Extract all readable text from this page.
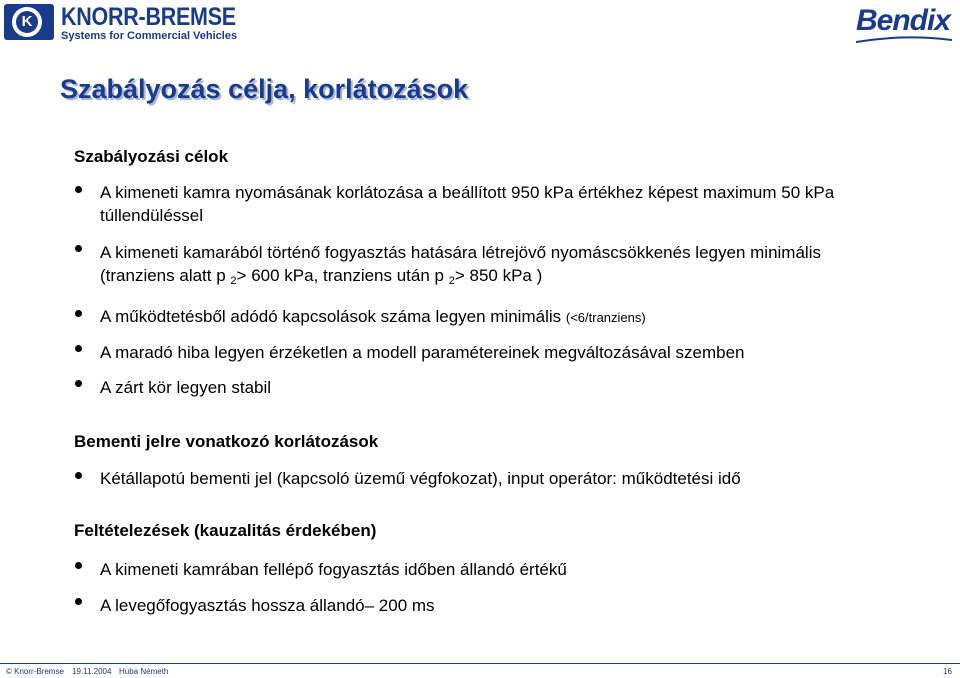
K KNORR-BREMSE
Systems for Commercial Vehicles	Bendix
Szabályozás célja, korlátozások
Szabályozási célok
A kimeneti kamra nyomásának korlátozása a beállított 950 kPa értékhez képest maximum 50 kPa túllendüléssel
A kimeneti kamarából történő fogyasztás hatására létrejövő nyomáscsökkenés legyen minimális (tranziens alatt p $_2$> 600 kPa, tranziens után p $_2$> 850 kPa )
A működtetésből adódó kapcsolások száma legyen minimális (<6/tranziens)
A maradó hiba legyen érzéketlen a modell paramétereinek megváltozásával szemben
A zárt kör legyen stabil
Bementi jelre vonatkozó korlátozások
Kétállapotú bementi jel (kapcsoló üzemű végfokozat), input operátor: működtetési idő
Feltételezések (kauzalitás érdekében)
A kimeneti kamrában fellépő fogyasztás időben állandó értékű
A levegőfogyasztás hossza állandó– 200 ms
© Knorr-Bremse 19.11.2004 Huba Németh	16
